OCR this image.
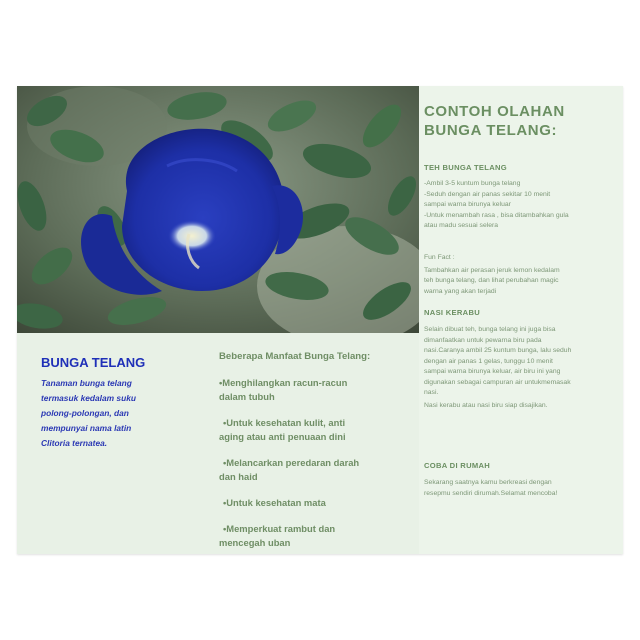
CONTOH OLAHAN
BUNGA TELANG:
TEH BUNGA TELANG
-Ambil 3-5 kuntum bunga telang
-Seduh dengan air panas sekitar 10 menit
sampai warna birunya keluar
-Untuk menambah rasa , bisa ditambahkan gula
atau madu sesuai selera
Fun Fact :
Tambahkan air perasan jeruk lemon kedalam
teh bunga telang, dan lihat perubahan magic
warna yang akan terjadi
NASI KERABU
Selain dibuat teh, bunga telang ini juga bisa
dimanfaatkan untuk pewarna biru pada
nasi.Caranya ambil 25 kuntum bunga, lalu seduh
dengan air panas 1 gelas, tunggu 10 menit
sampai warna birunya keluar, air biru ini yang
digunakan sebagai campuran air untukmemasak
nasi.
Nasi kerabu atau nasi biru siap disajikan.
COBA DI RUMAH
Sekarang saatnya kamu berkreasi dengan
resepmu sendiri dirumah.Selamat mencoba!
BUNGA TELANG
Tanaman bunga telang
termasuk kedalam suku
polong-polongan, dan
mempunyai nama latin
Clitoria ternatea.
Beberapa Manfaat Bunga Telang:
•Menghilangkan racun-racun
dalam tubuh
•Untuk kesehatan kulit, anti
aging atau anti penuaan dini
•Melancarkan peredaran darah
dan haid
•Untuk kesehatan mata
•Memperkuat rambut dan
mencegah uban
